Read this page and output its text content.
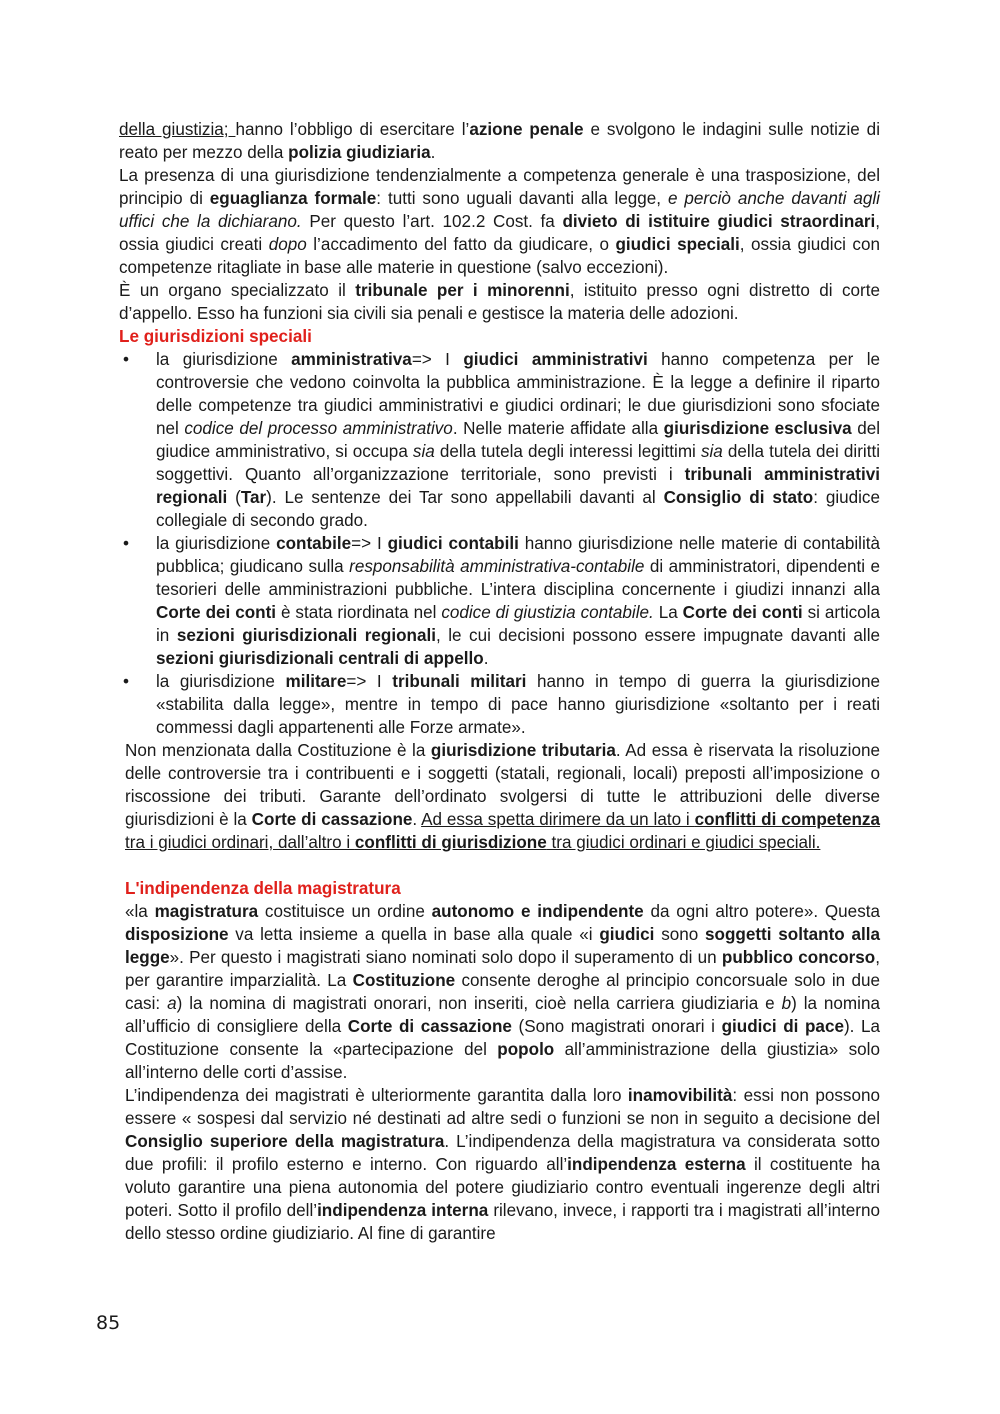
della giustizia; hanno l’obbligo di esercitare l’azione penale e svolgono le indagini sulle notizie di reato per mezzo della polizia giudiziaria.

La presenza di una giurisdizione tendenzialmente a competenza generale è una trasposizione, del principio di eguaglianza formale: tutti sono uguali davanti alla legge, e perciò anche davanti agli uffici che la dichiarano. Per questo l’art. 102.2 Cost. fa divieto di istituire giudici straordinari, ossia giudici creati dopo l’accadimento del fatto da giudicare, o giudici speciali, ossia giudici con competenze ritagliate in base alle materie in questione (salvo eccezioni).

È un organo specializzato il tribunale per i minorenni, istituito presso ogni distretto di corte d’appello. Esso ha funzioni sia civili sia penali e gestisce la materia delle adozioni.

Le giurisdizioni speciali

• la giurisdizione amministrativa=> I giudici amministrativi hanno competenza per le controversie che vedono coinvolta la pubblica amministrazione. È la legge a definire il riparto delle competenze tra giudici amministrativi e giudici ordinari; le due giurisdizioni sono sfociate nel codice del processo amministrativo. Nelle materie affidate alla giurisdizione esclusiva del giudice amministrativo, si occupa sia della tutela degli interessi legittimi sia della tutela dei diritti soggettivi. Quanto all’organizzazione territoriale, sono previsti i tribunali amministrativi regionali (Tar). Le sentenze dei Tar sono appellabili davanti al Consiglio di stato: giudice collegiale di secondo grado.
• la giurisdizione contabile=> I giudici contabili hanno giurisdizione nelle materie di contabilità pubblica; giudicano sulla responsabilità amministrativa-contabile di amministratori, dipendenti e tesorieri delle amministrazioni pubbliche. L’intera disciplina concernente i giudizi innanzi alla Corte dei conti è stata riordinata nel codice di giustizia contabile. La Corte dei conti si articola in sezioni giurisdizionali regionali, le cui decisioni possono essere impugnate davanti alle sezioni giurisdizionali centrali di appello.
• la giurisdizione militare=> I tribunali militari hanno in tempo di guerra la giurisdizione «stabilita dalla legge», mentre in tempo di pace hanno giurisdizione «soltanto per i reati commessi dagli appartenenti alle Forze armate».

Non menzionata dalla Costituzione è la giurisdizione tributaria. Ad essa è riservata la risoluzione delle controversie tra i contribuenti e i soggetti (statali, regionali, locali) preposti all’imposizione o riscossione dei tributi. Garante dell’ordinato svolgersi di tutte le attribuzioni delle diverse giurisdizioni è la Corte di cassazione. Ad essa spetta dirimere da un lato i conflitti di competenza tra i giudici ordinari, dall’altro i conflitti di giurisdizione tra giudici ordinari e giudici speciali.

L'indipendenza della magistratura

«la magistratura costituisce un ordine autonomo e indipendente da ogni altro potere». Questa disposizione va letta insieme a quella in base alla quale «i giudici sono soggetti soltanto alla legge». Per questo i magistrati siano nominati solo dopo il superamento di un pubblico concorso, per garantire imparzialità. La Costituzione consente deroghe al principio concorsuale solo in due casi: a) la nomina di magistrati onorari, non inseriti, cioè nella carriera giudiziaria e b) la nomina all’ufficio di consigliere della Corte di cassazione (Sono magistrati onorari i giudici di pace). La Costituzione consente la «partecipazione del popolo all’amministrazione della giustizia» solo all’interno delle corti d’assise.

L’indipendenza dei magistrati è ulteriormente garantita dalla loro inamovibilità: essi non possono essere « sospesi dal servizio né destinati ad altre sedi o funzioni se non in seguito a decisione del Consiglio superiore della magistratura. L’indipendenza della magistratura va considerata sotto due profili: il profilo esterno e interno. Con riguardo all’indipendenza esterna il costituente ha voluto garantire una piena autonomia del potere giudiziario contro eventuali ingerenze degli altri poteri. Sotto il profilo dell’indipendenza interna rilevano, invece, i rapporti tra i magistrati all’interno dello stesso ordine giudiziario. Al fine di garantire

85
